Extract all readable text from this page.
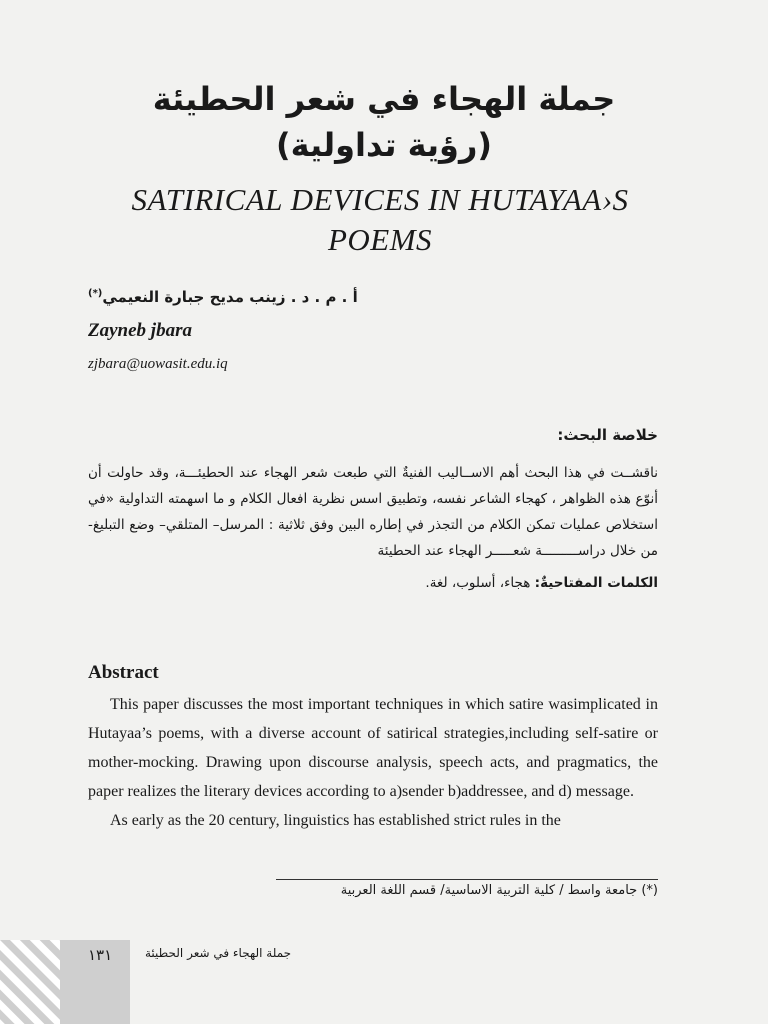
جملة الهجاء في شعر الحطيئة
(رؤية تداولية)
SATIRICAL DEVICES IN HUTAYAA›S POEMS
أ . م . د . زينب مديح جبارة النعيمي(*)
Zayneb jbara
zjbara@uowasit.edu.iq
خلاصة البحث:

ناقشــت في هذا البحث أهم الاســاليب الفنيةٌ التي طبعت شعر الهجاء عند الحطيئـــة، وقد حاولت أن أنوّع هذه الظواهر ، كهجاء الشاعر نفسه، وتطبيق اسس نظرية افعال الكلام و ما اسهمته التداولية «في استخلاص عمليات تمكن الكلام من التجذر في إطاره البين وفق ثلاثية : المرسل– المتلقي– وضع التبليغ- من خلال دراســـــــــة شعـــــر الهجاء عند الحطيئة

الكلمات المفتاحيةٌ: هجاء، أسلوب، لغة.
Abstract

This paper discusses the most important techniques in which satire wasimplicated in Hutayaa’s poems, with a diverse account of satirical strategies,including self-satire or mother-mocking. Drawing upon discourse analysis, speech acts, and pragmatics, the paper realizes the literary devices according to a)sender b)addressee, and d) message.

As early as the 20 century, linguistics has established strict rules in the

(*) جامعة واسط / كلية التربية الاساسية/ قسم اللغة العربية
١٣١	جملة الهجاء في شعر الحطيئة
